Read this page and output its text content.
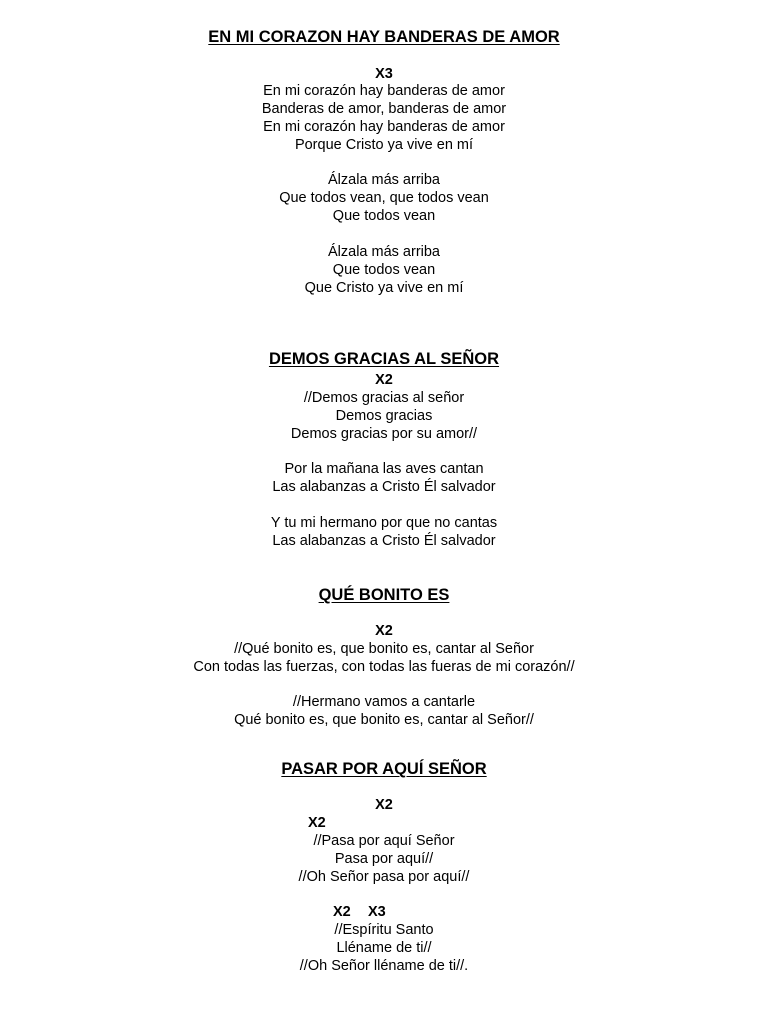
EN MI CORAZON HAY BANDERAS DE AMOR
X3
En mi corazón hay banderas de amor
Banderas de amor, banderas de amor
En mi corazón hay banderas de amor
Porque Cristo ya vive en mí
Álzala más arriba
Que todos vean, que todos vean
Que todos vean
Álzala más arriba
Que todos vean
Que Cristo ya vive en mí
DEMOS GRACIAS AL SEÑOR
X2
//Demos gracias al señor
Demos gracias
Demos gracias por su amor//
Por la mañana las aves cantan
Las alabanzas a Cristo Él salvador
Y tu mi hermano por que no cantas
Las alabanzas a Cristo Él salvador
QUÉ BONITO ES
X2
//Qué bonito es, que bonito es, cantar al Señor
Con todas las fuerzas, con todas las fueras de mi corazón//
//Hermano vamos a cantarle
Qué bonito es, que bonito es, cantar al Señor//
PASAR POR AQUÍ SEÑOR
X2
X2
//Pasa por aquí Señor
Pasa por aquí//
//Oh Señor pasa por aquí//
X2 X3
//Espíritu Santo
Lléname de ti//
//Oh Señor lléname de ti//.
